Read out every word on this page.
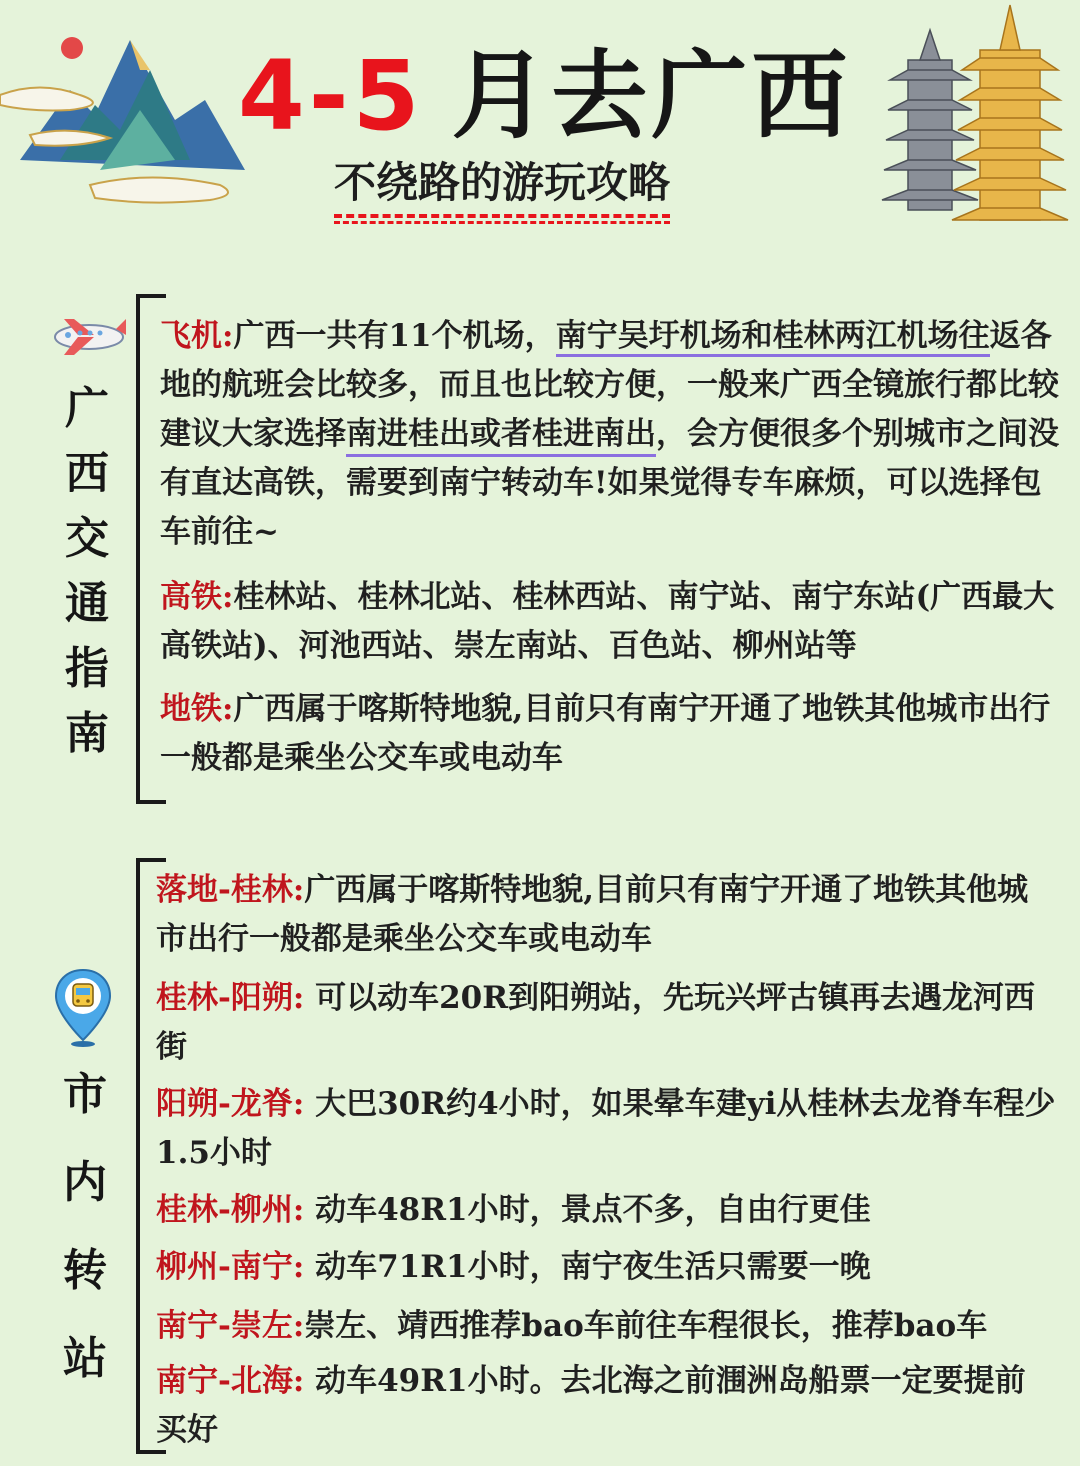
4-5 月去广西
不绕路的游玩攻略
广
西
交
通
指
南

飞机:广西一共有11个机场，南宁吴圩机场和桂林两江机场往返各地的航班会比较多，而且也比较方便，一般来广西全镜旅行都比较建议大家选择南进桂出或者桂进南出，会方便很多个别城市之间没有直达高铁，需要到南宁转动车!如果觉得专车麻烦，可以选择包车前往~

高铁:桂林站、桂林北站、桂林西站、南宁站、南宁东站(广西最大高铁站)、河池西站、崇左南站、百色站、柳州站等

地铁:广西属于喀斯特地貌,目前只有南宁开通了地铁其他城市出行一般都是乘坐公交车或电动车

市
内
转
站

落地-桂林:广西属于喀斯特地貌,目前只有南宁开通了地铁其他城市出行一般都是乘坐公交车或电动车

桂林-阳朔: 可以动车20R到阳朔站，先玩兴坪古镇再去遇龙河西街

阳朔-龙脊: 大巴30R约4小时，如果晕车建yi从桂林去龙脊车程少1.5小时

桂林-柳州: 动车48R1小时，景点不多，自由行更佳

柳州-南宁: 动车71R1小时，南宁夜生活只需要一晚

南宁-崇左:崇左、靖西推荐bao车前往车程很长，推荐bao车

南宁-北海: 动车49R1小时。去北海之前涠洲岛船票一定要提前买好
